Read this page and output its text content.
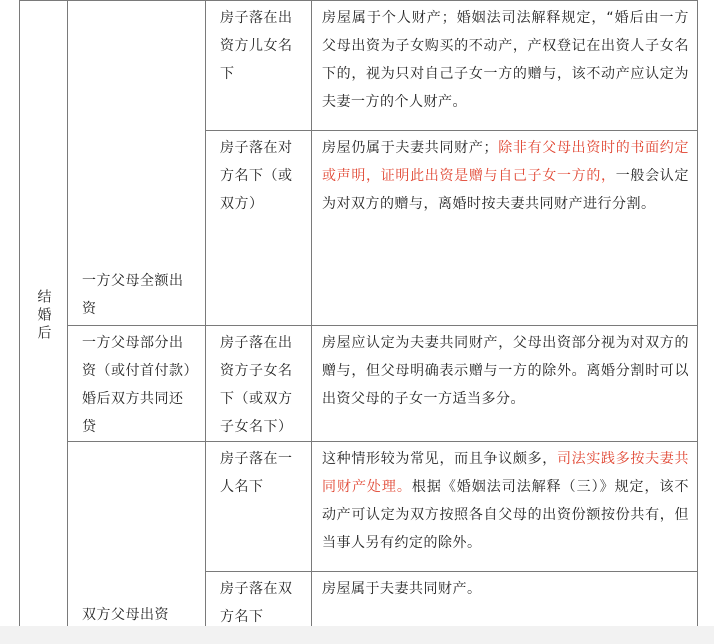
结婚后	一方父母全额出资	房子落在出资方儿女名下	房屋属于个人财产；婚姻法司法解释规定，“婚后由一方父母出资为子女购买的不动产，产权登记在出资人子女名下的，视为只对自己子女一方的赠与，该不动产应认定为夫妻一方的个人财产。

		房子落在对方名下（或双方）	房屋仍属于夫妻共同财产；除非有父母出资时的书面约定或声明，证明此出资是赠与自己子女一方的，一般会认定为对双方的赠与，离婚时按夫妻共同财产进行分割。

	一方父母部分出资（或付首付款）婚后双方共同还贷	房子落在出资方子女名下（或双方子女名下）	房屋应认定为夫妻共同财产，父母出资部分视为对双方的赠与，但父母明确表示赠与一方的除外。离婚分割时可以出资父母的子女一方适当多分。

	双方父母出资	房子落在一人名下	这种情形较为常见，而且争议颇多，司法实践多按夫妻共同财产处理。根据《婚姻法司法解释（三）》规定，该不动产可认定为双方按照各自父母的出资份额按份共有，但当事人另有约定的除外。

		房子落在双方名下	房屋属于夫妻共同财产。
